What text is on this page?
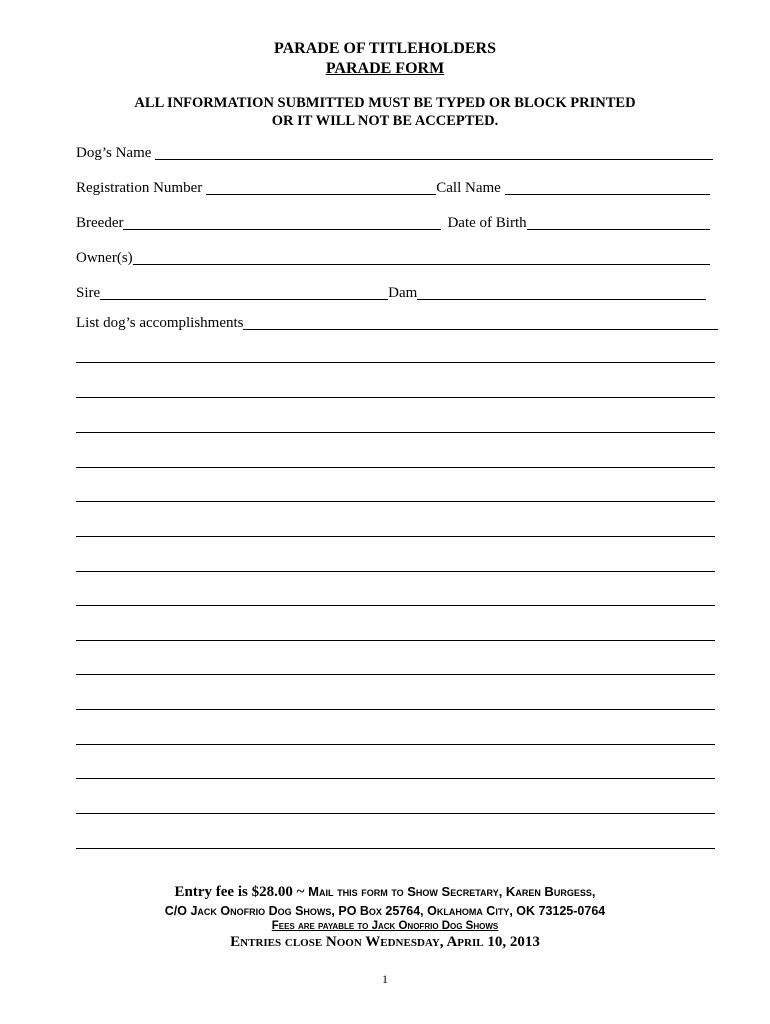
PARADE OF TITLEHOLDERS
PARADE FORM
ALL INFORMATION SUBMITTED MUST BE TYPED OR BLOCK PRINTED
OR IT WILL NOT BE ACCEPTED.
Dog’s Name
Registration Number	Call Name
Breeder	Date of Birth
Owner(s)
Sire	Dam
List dog’s accomplishments
Entry fee is $28.00 ~ Mail this form to Show Secretary, Karen Burgess,
C/O Jack Onofrio Dog Shows, PO Box 25764, Oklahoma City, OK 73125-0764
Fees are payable to Jack Onofrio Dog Shows
Entries close Noon Wednesday, April 10, 2013
1
